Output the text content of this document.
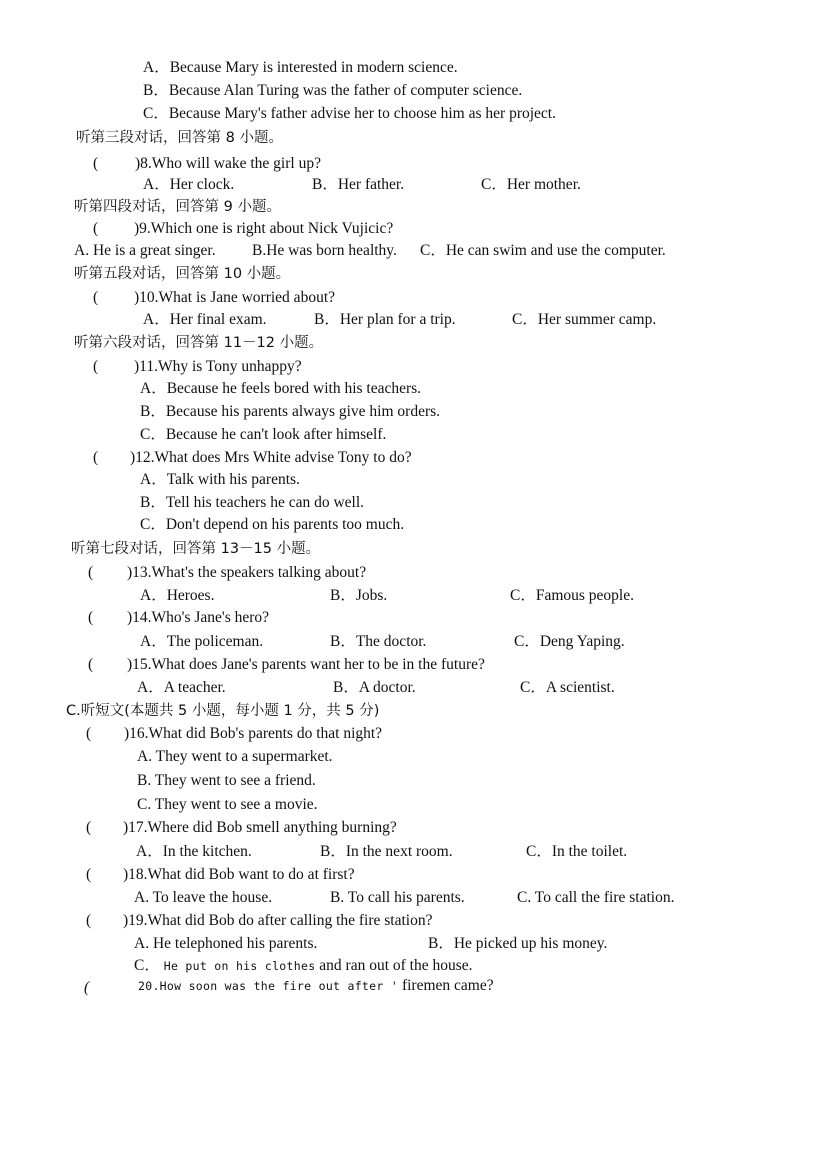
A．Because Mary is interested in modern science.
B．Because Alan Turing was the father of computer science.
C．Because Mary's father advise her to choose him as her project.
听第三段对话，回答第 8 小题。
( )8.Who will wake the girl up?
A．Her clock.	B．Her father.	C．Her mother.
听第四段对话，回答第 9 小题。
( )9.Which one is right about Nick Vujicic?
A. He is a great singer. B.He was born healthy. C．He can swim and use the computer.
听第五段对话，回答第 10 小题。
( )10.What is Jane worried about?
A．Her final exam.	B．Her plan for a trip.	C．Her summer camp.
听第六段对话，回答第 11－12 小题。
( )11.Why is Tony unhappy?
A．Because he feels bored with his teachers.
B．Because his parents always give him orders.
C．Because he can't look after himself.
( )12.What does Mrs White advise Tony to do?
A．Talk with his parents.
B．Tell his teachers he can do well.
C．Don't depend on his parents too much.
听第七段对话，回答第 13－15 小题。
( )13.What's the speakers talking about?
A．Heroes.	B．Jobs.	C．Famous people.
( )14.Who's Jane's hero?
A．The policeman.	B．The doctor.	C．Deng Yaping.
( )15.What does Jane's parents want her to be in the future?
A．A teacher.	B．A doctor.	C．A scientist.
C.听短文(本题共 5 小题，每小题 1 分，共 5 分)
( )16.What did Bob's parents do that night?
A. They went to a supermarket.
B. They went to see a friend.
C. They went to see a movie.
( )17.Where did Bob smell anything burning?
A．In the kitchen.	B．In the next room.	C．In the toilet.
( )18.What did Bob want to do at first?
A. To leave the house.	B. To call his parents.	C. To call the fire station.
( )19.What did Bob do after calling the fire station?
A. He telephoned his parents.	B．He picked up his money.
C． He put on his clothes and ran out of the house.
(	20.How soon was the fire out after ' firemen came?
